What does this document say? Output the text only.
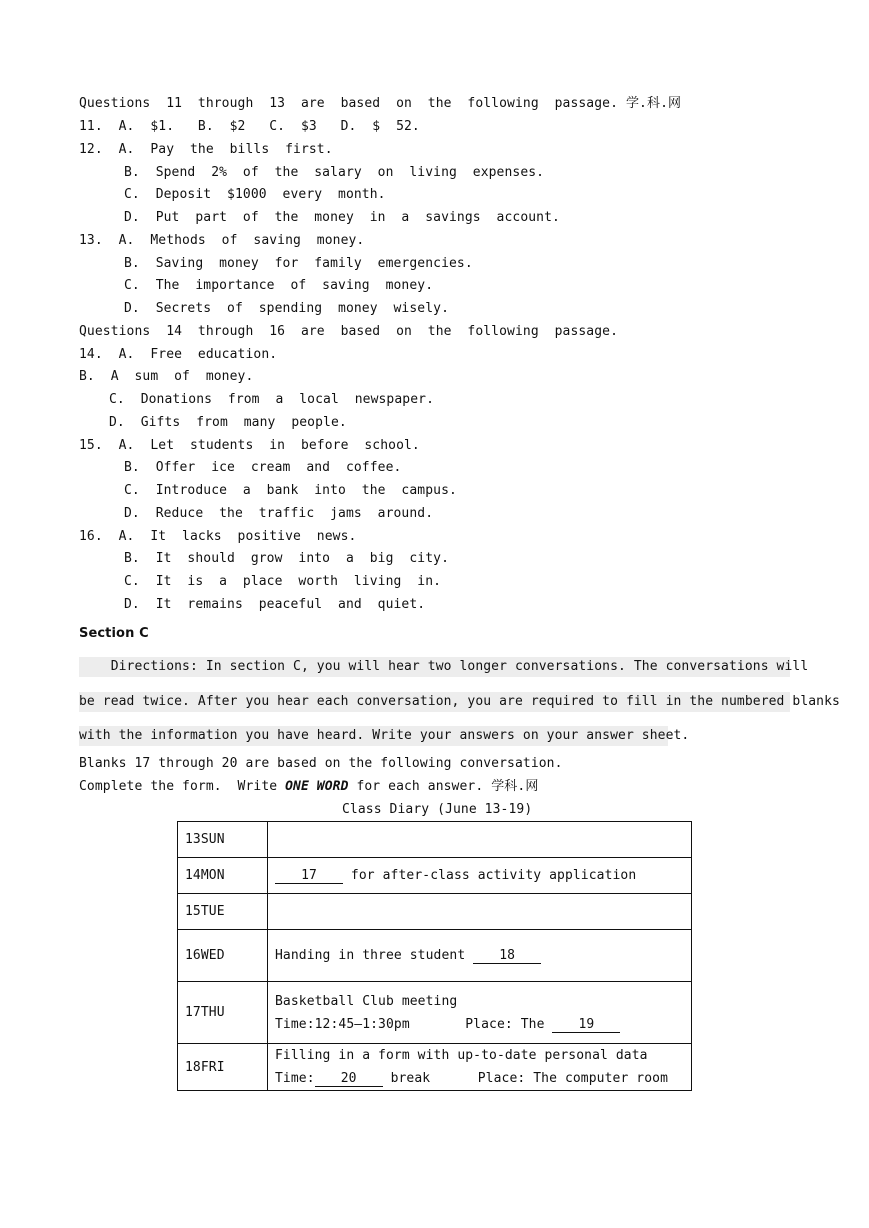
Questions  11  through  13  are  based  on  the  following  passage. 学.科.网
11.  A.  $1.   B.  $2   C.  $3   D.  $  52.
12.  A.  Pay  the  bills  first.
B.  Spend  2%  of  the  salary  on  living  expenses.
C.  Deposit  $1000  every  month.
D.  Put  part  of  the  money  in  a  savings  account.
13.  A.  Methods  of  saving  money.
B.  Saving  money  for  family  emergencies.
C.  The  importance  of  saving  money.
D.  Secrets  of  spending  money  wisely.
Questions  14  through  16  are  based  on  the  following  passage.
14.  A.  Free  education.
B.  A  sum  of  money.
C.  Donations  from  a  local  newspaper.
D.  Gifts  from  many  people.
15.  A.  Let  students  in  before  school.
B.  Offer  ice  cream  and  coffee.
C.  Introduce  a  bank  into  the  campus.
D.  Reduce  the  traffic  jams  around.
16.  A.  It  lacks  positive  news.
B.  It  should  grow  into  a  big  city.
C.  It  is  a  place  worth  living  in.
D.  It  remains  peaceful  and  quiet.
Section C
Directions: In section C, you will hear two longer conversations. The conversations will
be read twice. After you hear each conversation, you are required to fill in the numbered blanks
with the information you have heard. Write your answers on your answer sheet.
Blanks 17 through 20 are based on the following conversation.
Complete the form.  Write ONE WORD for each answer. 学科.网
Class Diary (June 13-19)
13SUN	
14MON	17 for after-class activity application
15TUE	
16WED	Handing in three student 18
17THU	Basketball Club meeting
Time:12:45—1:30pm       Place: The 19

18FRI	Filling in a form with up-to-date personal data
Time: 20 break      Place: The computer room
